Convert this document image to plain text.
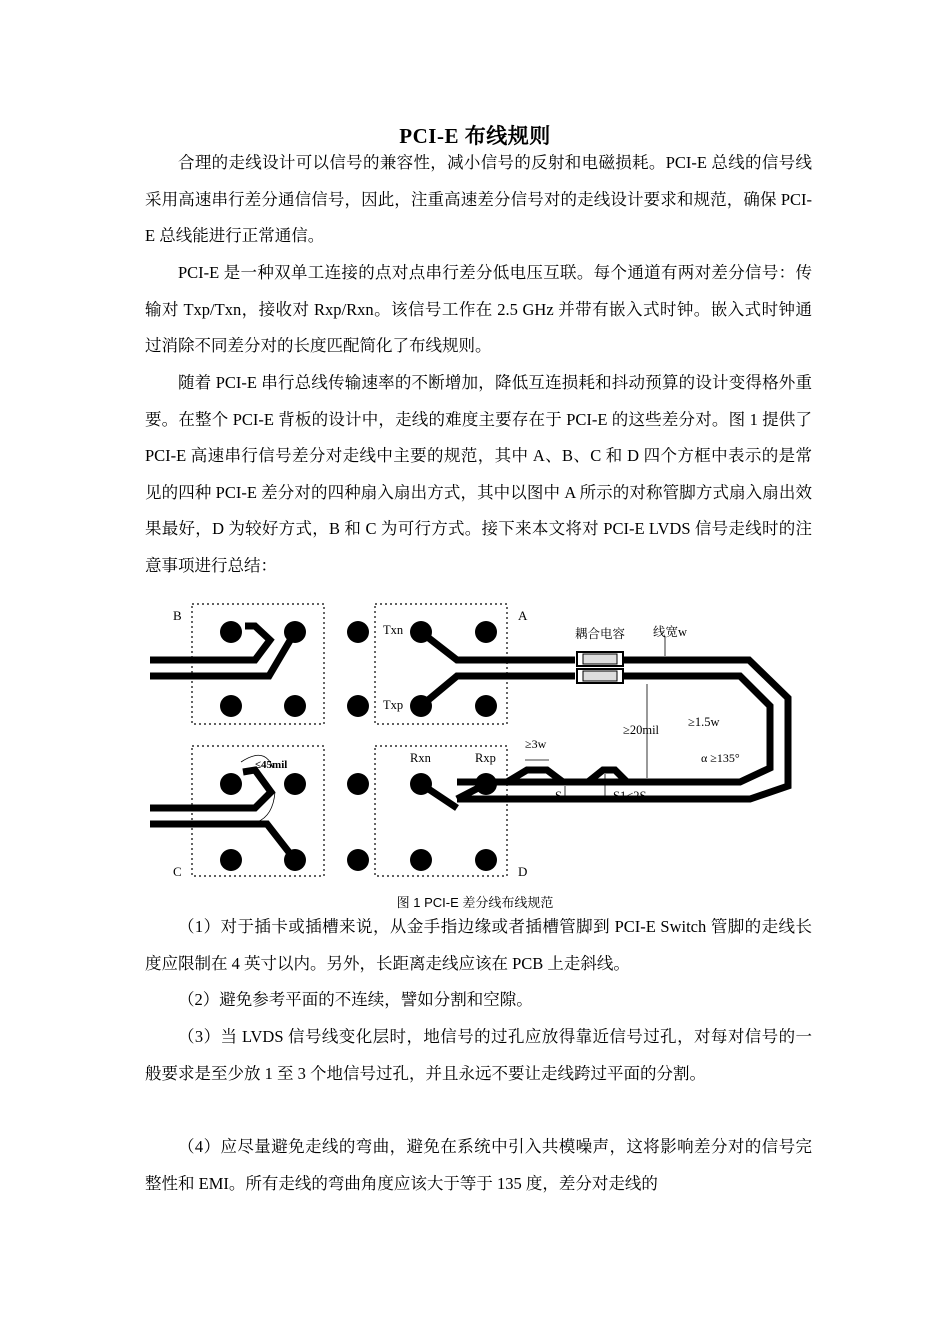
PCI-E 布线规则

合理的走线设计可以信号的兼容性，减小信号的反射和电磁损耗。PCI-E 总线的信号线采用高速串行差分通信信号，因此，注重高速差分信号对的走线设计要求和规范，确保 PCI-E 总线能进行正常通信。

PCI-E 是一种双单工连接的点对点串行差分低电压互联。每个通道有两对差分信号：传输对 Txp/Txn，接收对 Rxp/Rxn。该信号工作在 2.5 GHz 并带有嵌入式时钟。嵌入式时钟通过消除不同差分对的长度匹配简化了布线规则。

随着 PCI-E 串行总线传输速率的不断增加，降低互连损耗和抖动预算的设计变得格外重要。在整个 PCI-E 背板的设计中，走线的难度主要存在于 PCI-E 的这些差分对。图 1 提供了 PCI-E 高速串行信号差分对走线中主要的规范，其中 A、B、C 和 D 四个方框中表示的是常见的四种 PCI-E 差分对的四种扇入扇出方式，其中以图中 A 所示的对称管脚方式扇入扇出效果最好，D 为较好方式，B 和 C 为可行方式。接下来本文将对 PCI-E LVDS 信号走线时的注意事项进行总结：

B	A
C	D
Txn
Txp
Rxn	Rxp
耦合电容 线宽w
≥20mil
≥1.5w
α ≥135°
≥3w
S	S1<2S
≤45mil
图 1 PCI-E 差分线布线规范

（1）对于插卡或插槽来说，从金手指边缘或者插槽管脚到 PCI-E Switch 管脚的走线长度应限制在 4 英寸以内。另外，长距离走线应该在 PCB 上走斜线。

（2）避免参考平面的不连续，譬如分割和空隙。

（3）当 LVDS 信号线变化层时，地信号的过孔应放得靠近信号过孔，对每对信号的一般要求是至少放 1 至 3 个地信号过孔，并且永远不要让走线跨过平面的分割。

（4）应尽量避免走线的弯曲，避免在系统中引入共模噪声，这将影响差分对的信号完整性和 EMI。所有走线的弯曲角度应该大于等于 135 度，差分对走线的
